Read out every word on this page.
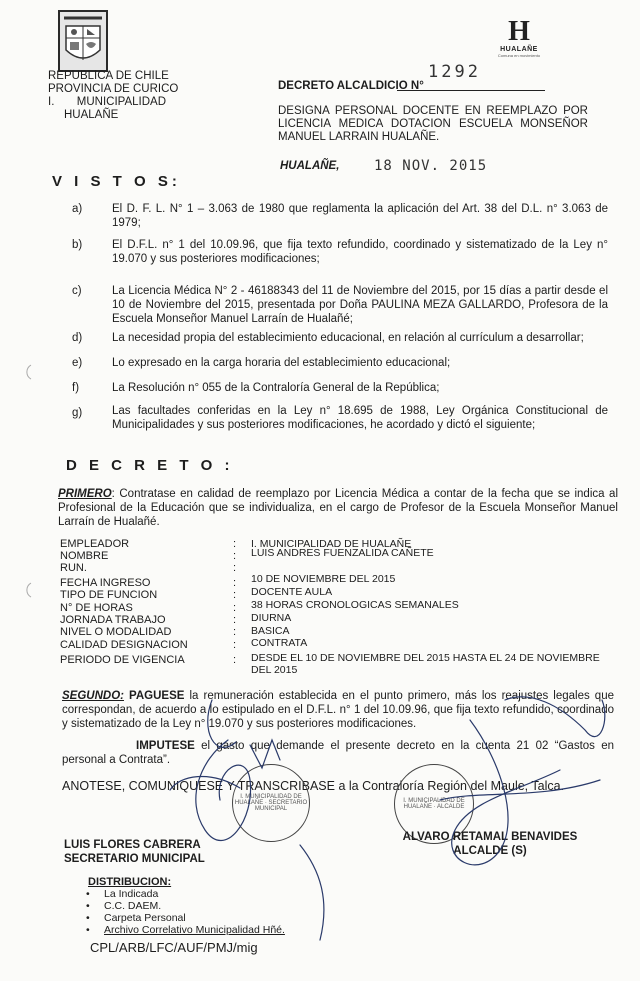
H
HUALAÑE
Comuna en movimiento
REPUBLICA DE CHILE
PROVINCIA DE CURICO
I.       MUNICIPALIDAD
HUALAÑE
DECRETO ALCALDICIO N°
1292
DESIGNA PERSONAL DOCENTE EN REEMPLAZO POR LICENCIA MEDICA DOTACION ESCUELA MONSEÑOR MANUEL LARRAIN HUALAÑE.
HUALAÑE, 18 NOV. 2015
V I S T O S:
a)	El D. F. L. N° 1 – 3.063 de 1980 que reglamenta la aplicación del Art. 38 del D.L. n° 3.063 de 1979;
b)	El D.F.L. n° 1 del 10.09.96, que fija texto refundido, coordinado y sistematizado de la Ley n° 19.070 y sus posteriores modificaciones;
c)	La Licencia Médica N° 2 - 46188343 del 11 de Noviembre del 2015, por 15 días a partir desde el 10 de Noviembre del 2015, presentada por Doña PAULINA MEZA GALLARDO, Profesora de la Escuela Monseñor Manuel Larraín de Hualañé;
d)	La necesidad propia del establecimiento educacional, en relación al currículum a desarrollar;
e)	Lo expresado en la carga horaria del establecimiento educacional;
f)	La Resolución n° 055 de la Contraloría General de la República;
g)	Las facultades conferidas en la Ley n° 18.695 de 1988, Ley Orgánica Constitucional de Municipalidades y sus posteriores modificaciones, he acordado y dictó el siguiente;
D E C R E T O :
PRIMERO: Contratase en calidad de reemplazo por Licencia Médica a contar de la fecha que se indica al Profesional de la Educación que se individualiza, en el cargo de Profesor de la Escuela Monseñor Manuel Larraín de Hualañé.
EMPLEADOR	: I. MUNICIPALIDAD DE HUALAÑE
NOMBRE	: LUIS ANDRES FUENZALIDA CAÑETE
RUN.	:
FECHA INGRESO	: 10 DE NOVIEMBRE DEL 2015
TIPO DE FUNCION	: DOCENTE AULA
N° DE HORAS	: 38 HORAS CRONOLOGICAS SEMANALES
JORNADA TRABAJO	: DIURNA
NIVEL O MODALIDAD	: BASICA
CALIDAD DESIGNACION	: CONTRATA
PERIODO DE VIGENCIA	: DESDE EL 10 DE NOVIEMBRE DEL 2015 HASTA EL 24 DE NOVIEMBRE DEL 2015
SEGUNDO: PAGUESE la remuneración establecida en el punto primero, más los reajustes legales que correspondan, de acuerdo a lo estipulado en el D.F.L. n° 1 del 10.09.96, que fija texto refundido, coordinado y sistematizado de la Ley n° 19.070 y sus posteriores modificaciones.
IMPUTESE el gasto que demande el presente decreto en la cuenta 21 02 “Gastos en personal a Contrata”.
ANOTESE, COMUNIQUESE Y TRANSCRIBASE a la Contraloría Región del Maule, Talca.
I. MUNICIPALIDAD DE HUALAÑE · SECRETARIO MUNICIPAL
I. MUNICIPALIDAD DE HUALAÑE · ALCALDE
LUIS FLORES CABRERA
SECRETARIO MUNICIPAL
ALVARO RETAMAL BENAVIDES
ALCALDE (S)
DISTRIBUCION:
• La Indicada
• C.C. DAEM.
• Carpeta Personal
• Archivo Correlativo Municipalidad Hñé.
CPL/ARB/LFC/AUF/PMJ/mig
